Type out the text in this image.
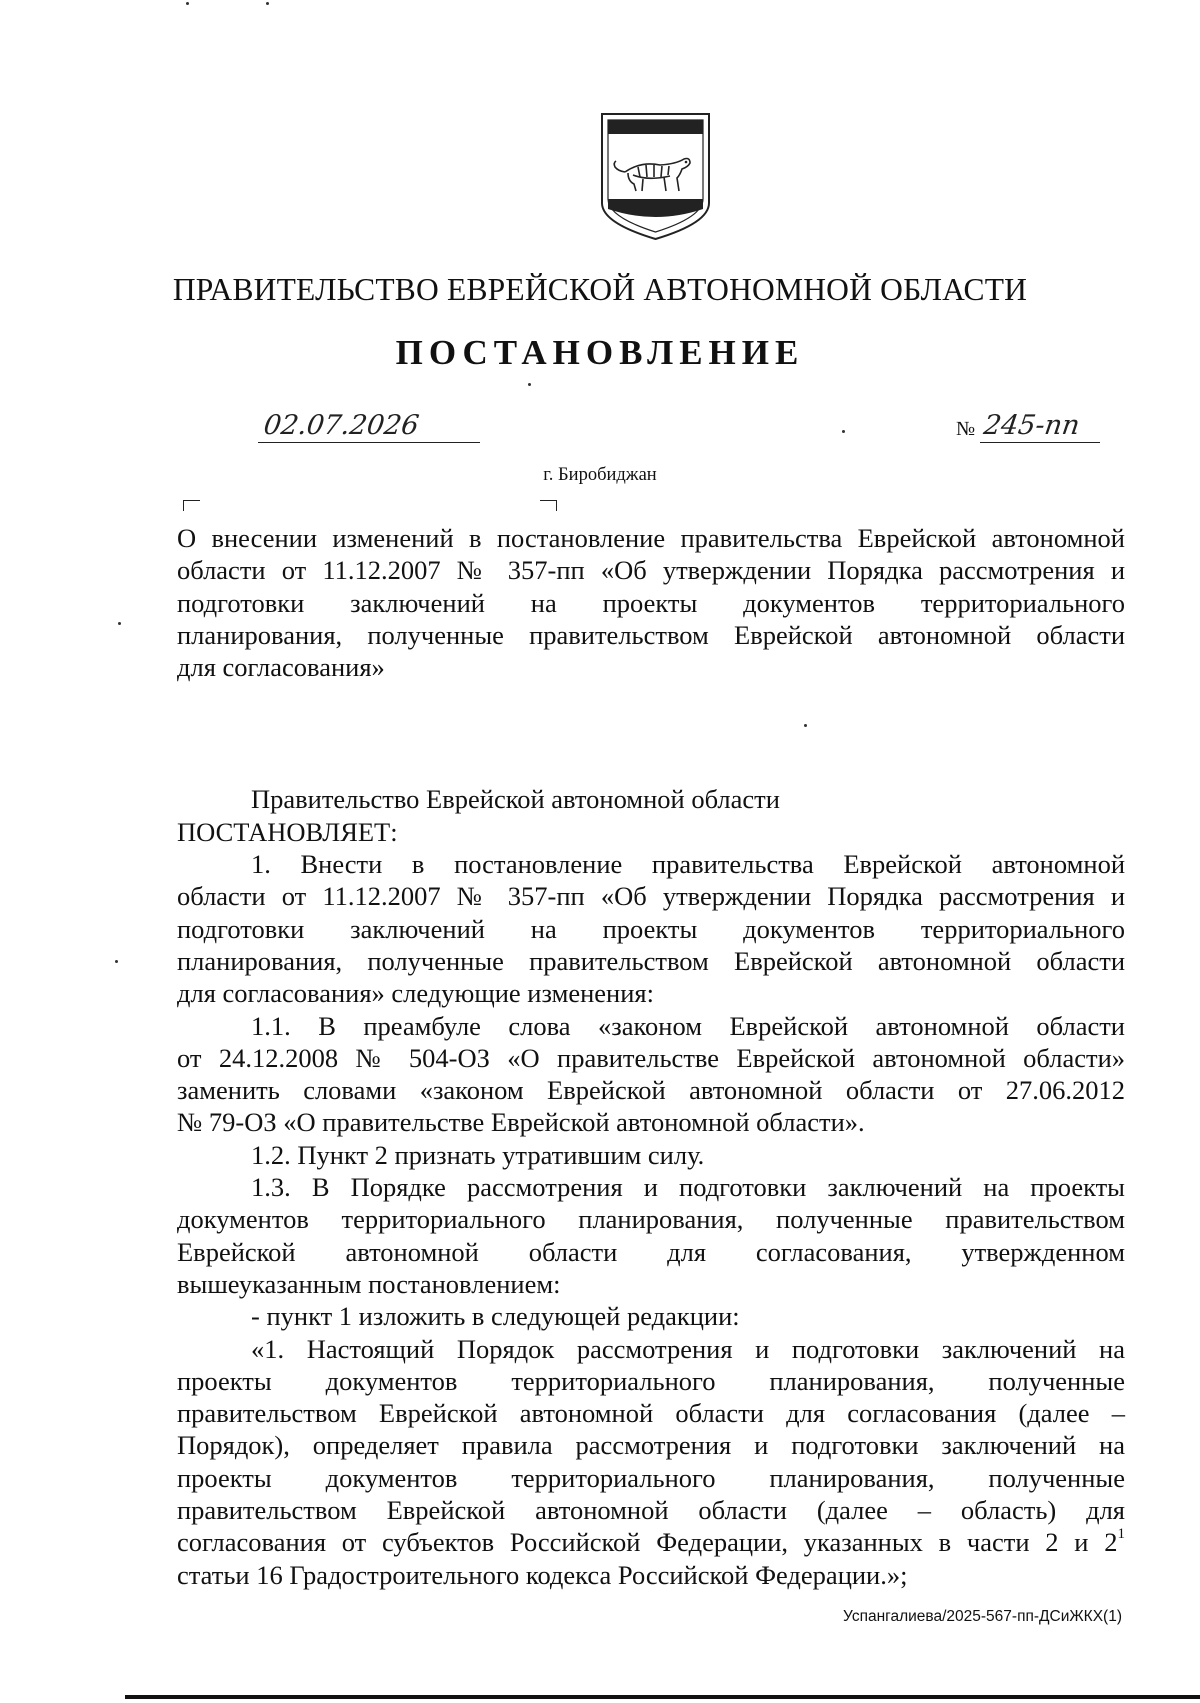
ПРАВИТЕЛЬСТВО ЕВРЕЙСКОЙ АВТОНОМНОЙ ОБЛАСТИ
ПОСТАНОВЛЕНИЕ
02.07.2026	№ 245-пп
г. Биробиджан

О внесении изменений в постановление правительства Еврейской автономной

области от 11.12.2007 № 357-пп «Об утверждении Порядка рассмотрения и

подготовки заключений на проекты документов территориального

планирования, полученные правительством Еврейской автономной области

для согласования»

Правительство Еврейской автономной области

ПОСТАНОВЛЯЕТ:

1. Внести в постановление правительства Еврейской автономной

области от 11.12.2007 № 357-пп «Об утверждении Порядка рассмотрения и

подготовки заключений на проекты документов территориального

планирования, полученные правительством Еврейской автономной области

для согласования» следующие изменения:

1.1. В преамбуле слова «законом Еврейской автономной области

от 24.12.2008 № 504-ОЗ «О правительстве Еврейской автономной области»

заменить словами «законом Еврейской автономной области от 27.06.2012

№ 79-ОЗ «О правительстве Еврейской автономной области».

1.2. Пункт 2 признать утратившим силу.

1.3. В Порядке рассмотрения и подготовки заключений на проекты

документов территориального планирования, полученные правительством

Еврейской автономной области для согласования, утвержденном

вышеуказанным постановлением:

- пункт 1 изложить в следующей редакции:

«1. Настоящий Порядок рассмотрения и подготовки заключений на

проекты документов территориального планирования, полученные

правительством Еврейской автономной области для согласования (далее –

Порядок), определяет правила рассмотрения и подготовки заключений на

проекты документов территориального планирования, полученные

правительством Еврейской автономной области (далее – область) для

согласования от субъектов Российской Федерации, указанных в части 2 и $2^1$

статьи 16 Градостроительного кодекса Российской Федерации.»;

Успангалиева/2025-567-пп-ДСиЖКХ(1)
